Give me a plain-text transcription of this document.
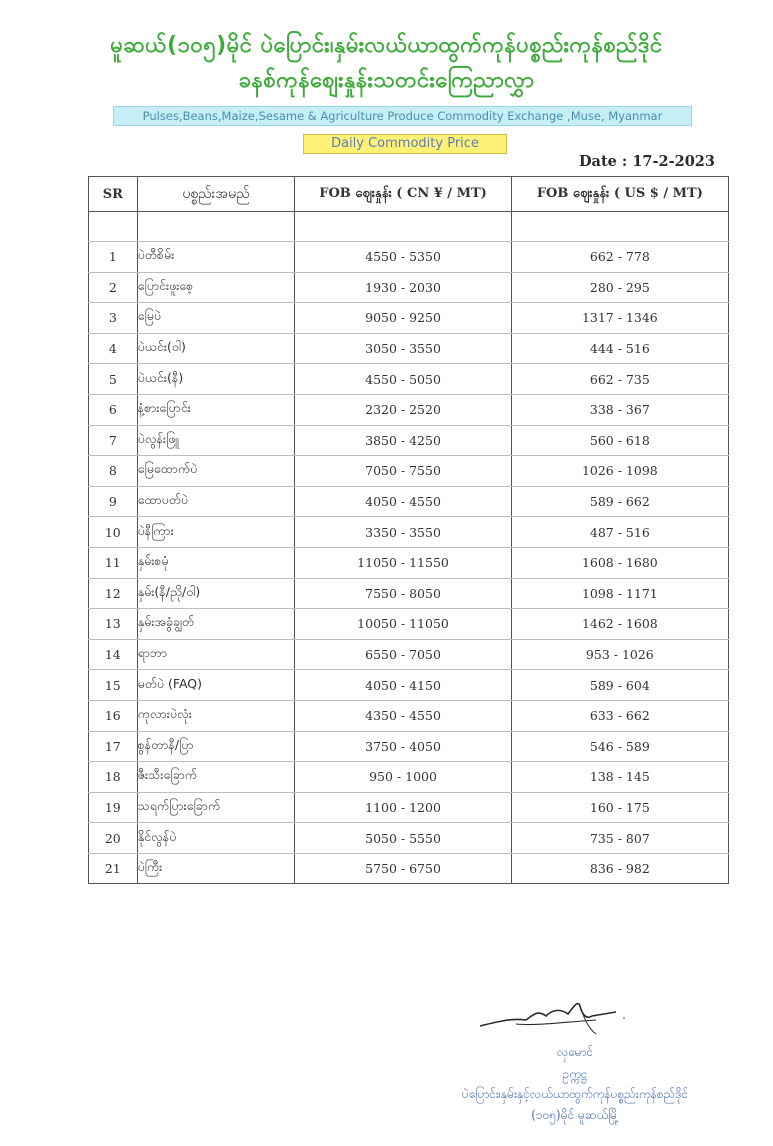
မူဆယ်(၁၀၅)မိုင် ပဲပြောင်း၊နှမ်းလယ်ယာထွက်ကုန်ပစ္စည်းကုန်စည်ဒိုင်
ခနစ်ကုန်စျေးနှုန်းသတင်းကြေညာလွှာ
Pulses,Beans,Maize,Sesame & Agriculture Produce Commodity Exchange ,Muse, Myanmar
Daily Commodity Price
Date : 17-2-2023
SR	ပစ္စည်းအမည်	FOB စျေးနှုန်း ( CN ¥ / MT)	FOB စျေးနှုန်း ( US $ / MT)

1	ပဲတီစိမ်း	4550 - 5350	662 - 778
2	ပြောင်းဖူးစေ့	1930 - 2030	280 - 295
3	မြေပဲ	9050 - 9250	1317 - 1346
4	ပဲယင်း(ဝါ)	3050 - 3550	444 - 516
5	ပဲယင်း(နီ)	4550 - 5050	662 - 735
6	နံ့စားပြောင်း	2320 - 2520	338 - 367
7	ပဲလွန်းဖြူ	3850 - 4250	560 - 618
8	မြေထောက်ပဲ	7050 - 7550	1026 - 1098
9	ထောပတ်ပဲ	4050 - 4550	589 - 662
10	ပဲနီကြား	3350 - 3550	487 - 516
11	နှမ်းစမုံ	11050 - 11550	1608 - 1680
12	နှမ်း(နီ/ညို/ဝါ)	7550 - 8050	1098 - 1171
13	နှမ်းအခွံချွတ်	10050 - 11050	1462 - 1608
14	ရာဘာ	6550 - 7050	953 - 1026
15	မတ်ပဲ (FAQ)	4050 - 4150	589 - 604
16	ကုလားပဲလုံး	4350 - 4550	633 - 662
17	စွန်တာနီ/ပြာ	3750 - 4050	546 - 589
18	ဇီးသီးခြောက်	950 - 1000	138 - 145
19	သရက်ပြားခြောက်	1100 - 1200	160 - 175
20	နိုင်လွန်ပဲ	5050 - 5550	735 - 807
21	ပဲကြီး	5750 - 6750	836 - 982
လှမောင်
ဥက္ကဋ္ဌ
ပဲပြောင်း၊နှမ်းနှင့်လယ်ယာထွက်ကုန်ပစ္စည်းကုန်စည်ဒိုင်
(၁၀၅)မိုင် မူဆယ်မြို့
